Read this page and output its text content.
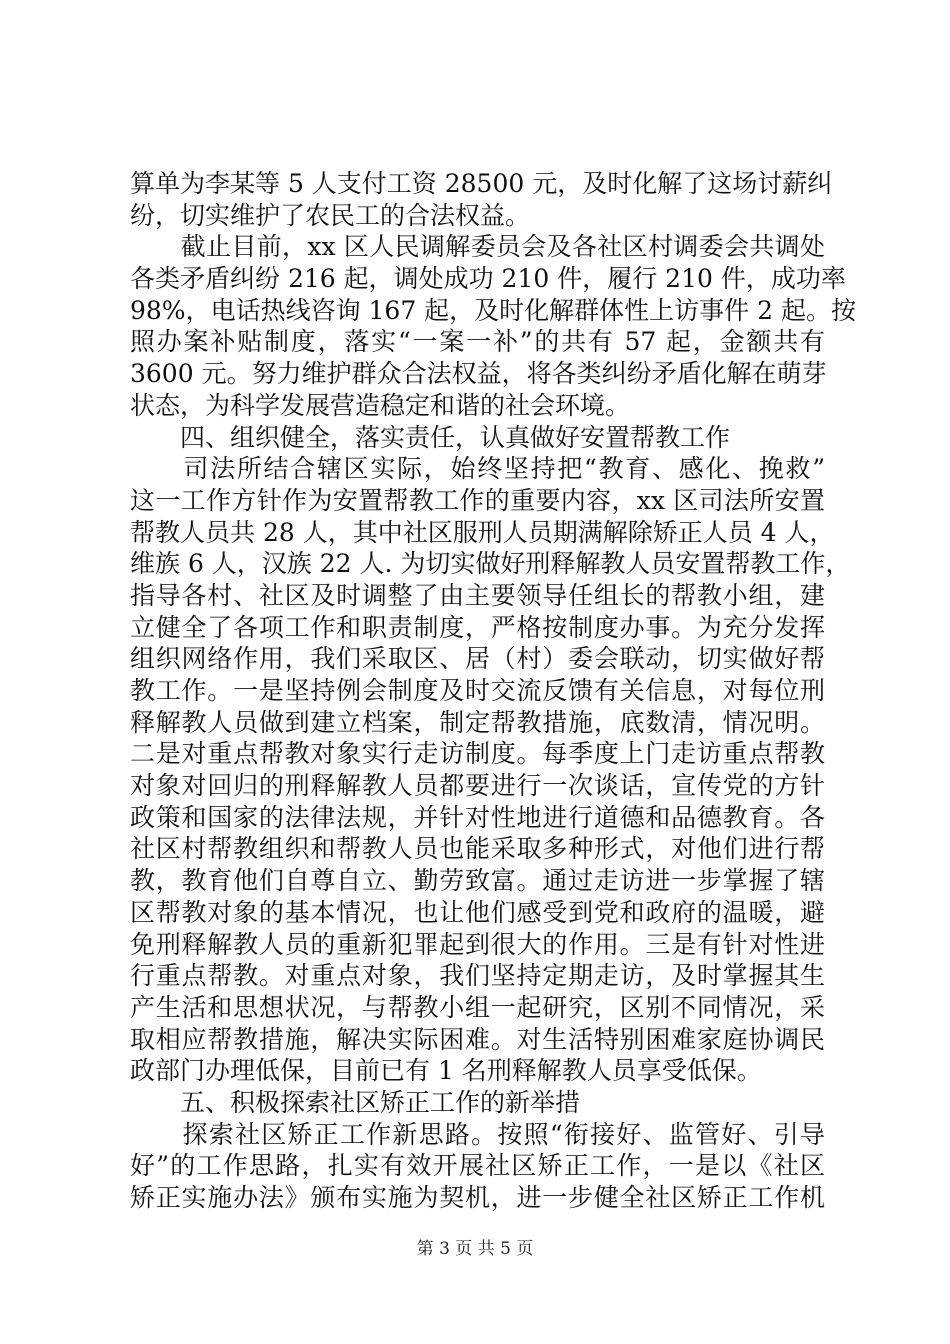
算单为李某等 5 人支付工资 28500 元，及时化解了这场讨薪纠
纷，切实维护了农民工的合法权益。
　　截止目前，xx 区人民调解委员会及各社区村调委会共调处
各类矛盾纠纷 216 起，调处成功 210 件，履行 210 件，成功率
98%，电话热线咨询 167 起，及时化解群体性上访事件 2 起。按
照办案补贴制度，落实“一案一补”的共有 57 起，金额共有
3600 元。努力维护群众合法权益，将各类纠纷矛盾化解在萌芽
状态，为科学发展营造稳定和谐的社会环境。
　　四、组织健全，落实责任，认真做好安置帮教工作
　　司法所结合辖区实际，始终坚持把“教育、感化、挽救”
这一工作方针作为安置帮教工作的重要内容，xx 区司法所安置
帮教人员共 28 人，其中社区服刑人员期满解除矫正人员 4 人，
维族 6 人，汉族 22 人. 为切实做好刑释解教人员安置帮教工作，
指导各村、社区及时调整了由主要领导任组长的帮教小组，建
立健全了各项工作和职责制度，严格按制度办事。为充分发挥
组织网络作用，我们采取区、居（村）委会联动，切实做好帮
教工作。一是坚持例会制度及时交流反馈有关信息，对每位刑
释解教人员做到建立档案，制定帮教措施，底数清，情况明。
二是对重点帮教对象实行走访制度。每季度上门走访重点帮教
对象对回归的刑释解教人员都要进行一次谈话，宣传党的方针
政策和国家的法律法规，并针对性地进行道德和品德教育。各
社区村帮教组织和帮教人员也能采取多种形式，对他们进行帮
教，教育他们自尊自立、勤劳致富。通过走访进一步掌握了辖
区帮教对象的基本情况，也让他们感受到党和政府的温暖，避
免刑释解教人员的重新犯罪起到很大的作用。三是有针对性进
行重点帮教。对重点对象，我们坚持定期走访，及时掌握其生
产生活和思想状况，与帮教小组一起研究，区别不同情况，采
取相应帮教措施，解决实际困难。对生活特别困难家庭协调民
政部门办理低保，目前已有 1 名刑释解教人员享受低保。
　　五、积极探索社区矫正工作的新举措
　　探索社区矫正工作新思路。按照“衔接好、监管好、引导
好”的工作思路，扎实有效开展社区矫正工作，一是以《社区
矫正实施办法》颁布实施为契机，进一步健全社区矫正工作机
第 3 页 共 5 页
